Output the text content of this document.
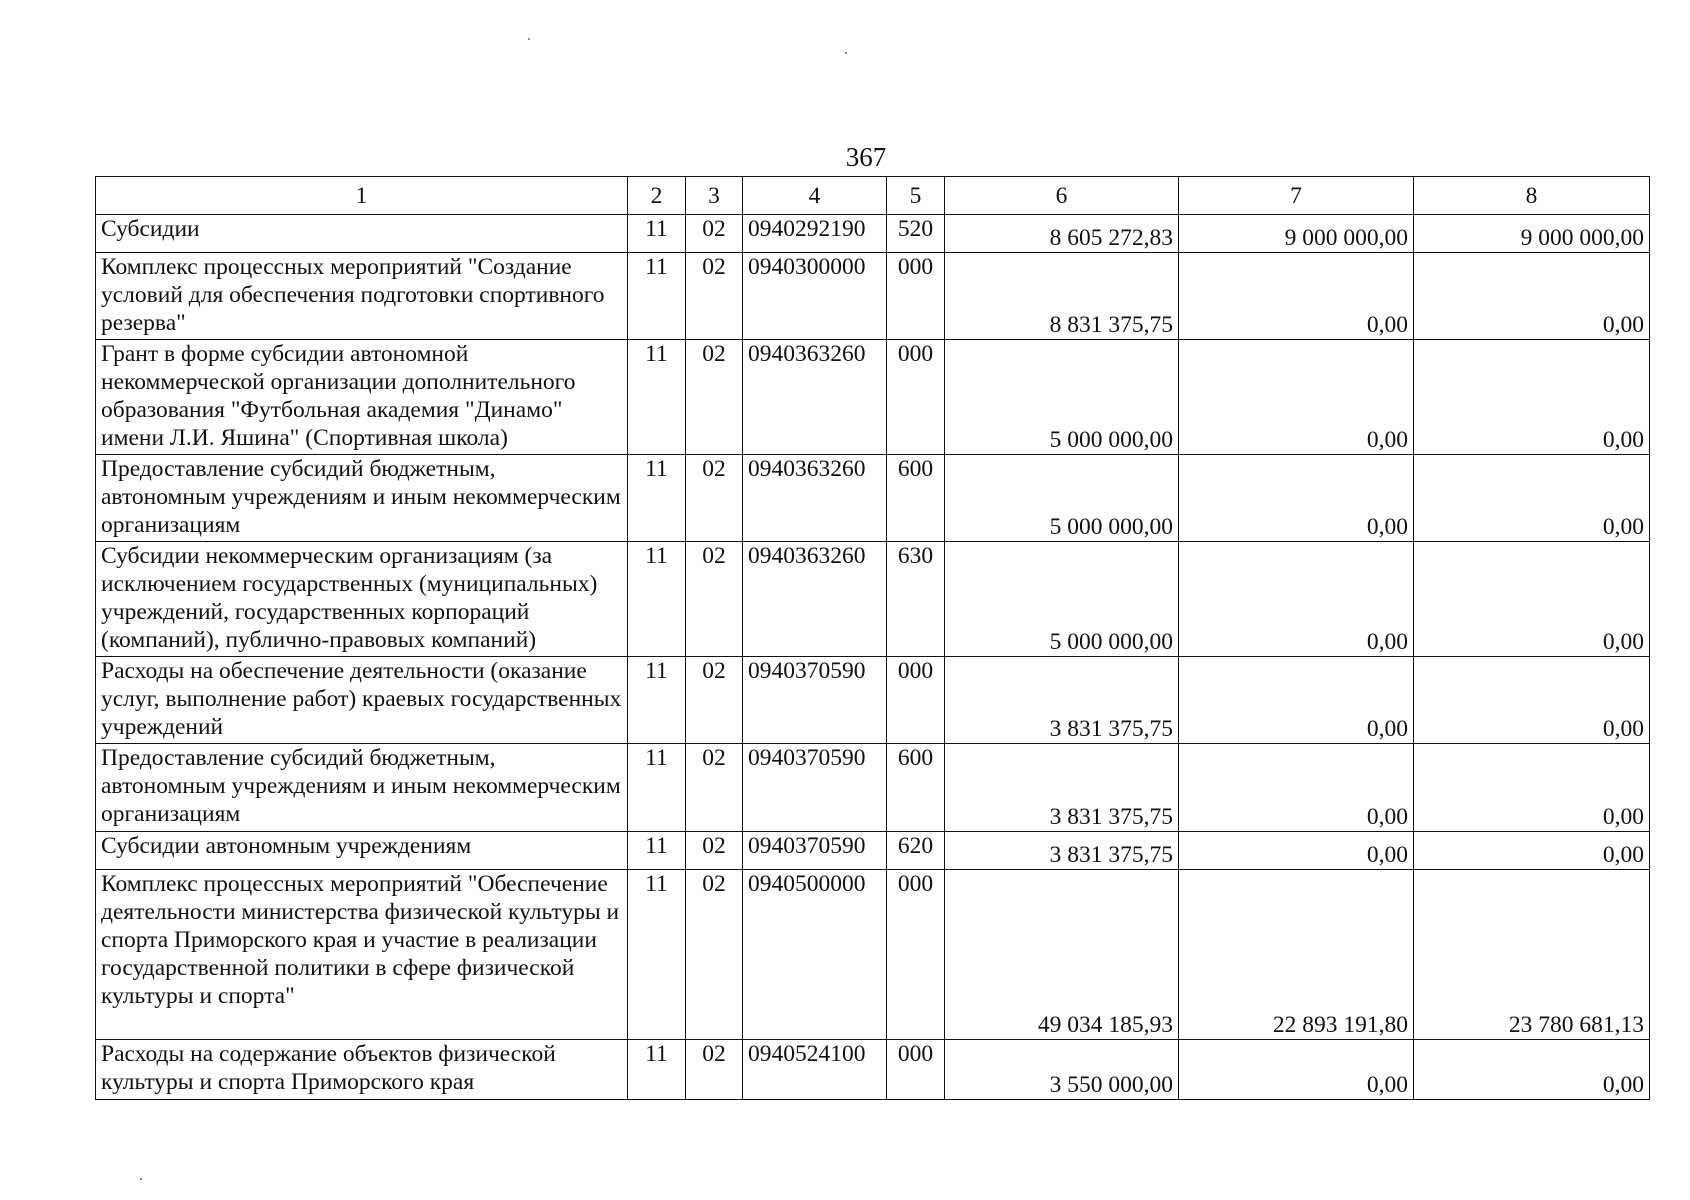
367
1	2	3	4	5	6	7	8
Субсидии	11	02	0940292190	520	8 605 272,83	9 000 000,00	9 000 000,00
Комплекс процессных мероприятий "Создание условий для обеспечения подготовки спортивного резерва"	11	02	0940300000	000	8 831 375,75	0,00	0,00
Грант в форме субсидии автономной некоммерческой организации дополнительного образования "Футбольная академия "Динамо" имени Л.И. Яшина" (Спортивная школа)	11	02	0940363260	000	5 000 000,00	0,00	0,00
Предоставление субсидий бюджетным, автономным учреждениям и иным некоммерческим организациям	11	02	0940363260	600	5 000 000,00	0,00	0,00
Субсидии некоммерческим организациям (за исключением государственных (муниципальных) учреждений, государственных корпораций (компаний), публично-правовых компаний)	11	02	0940363260	630	5 000 000,00	0,00	0,00
Расходы на обеспечение деятельности (оказание услуг, выполнение работ) краевых государственных учреждений	11	02	0940370590	000	3 831 375,75	0,00	0,00
Предоставление субсидий бюджетным, автономным учреждениям и иным некоммерческим организациям	11	02	0940370590	600	3 831 375,75	0,00	0,00
Субсидии автономным учреждениям	11	02	0940370590	620	3 831 375,75	0,00	0,00
Комплекс процессных мероприятий "Обеспечение деятельности министерства физической культуры и спорта Приморского края и участие в реализации государственной политики в сфере физической культуры и спорта"	11	02	0940500000	000	49 034 185,93	22 893 191,80	23 780 681,13
Расходы на содержание объектов физической культуры и спорта Приморского края	11	02	0940524100	000	3 550 000,00	0,00	0,00
